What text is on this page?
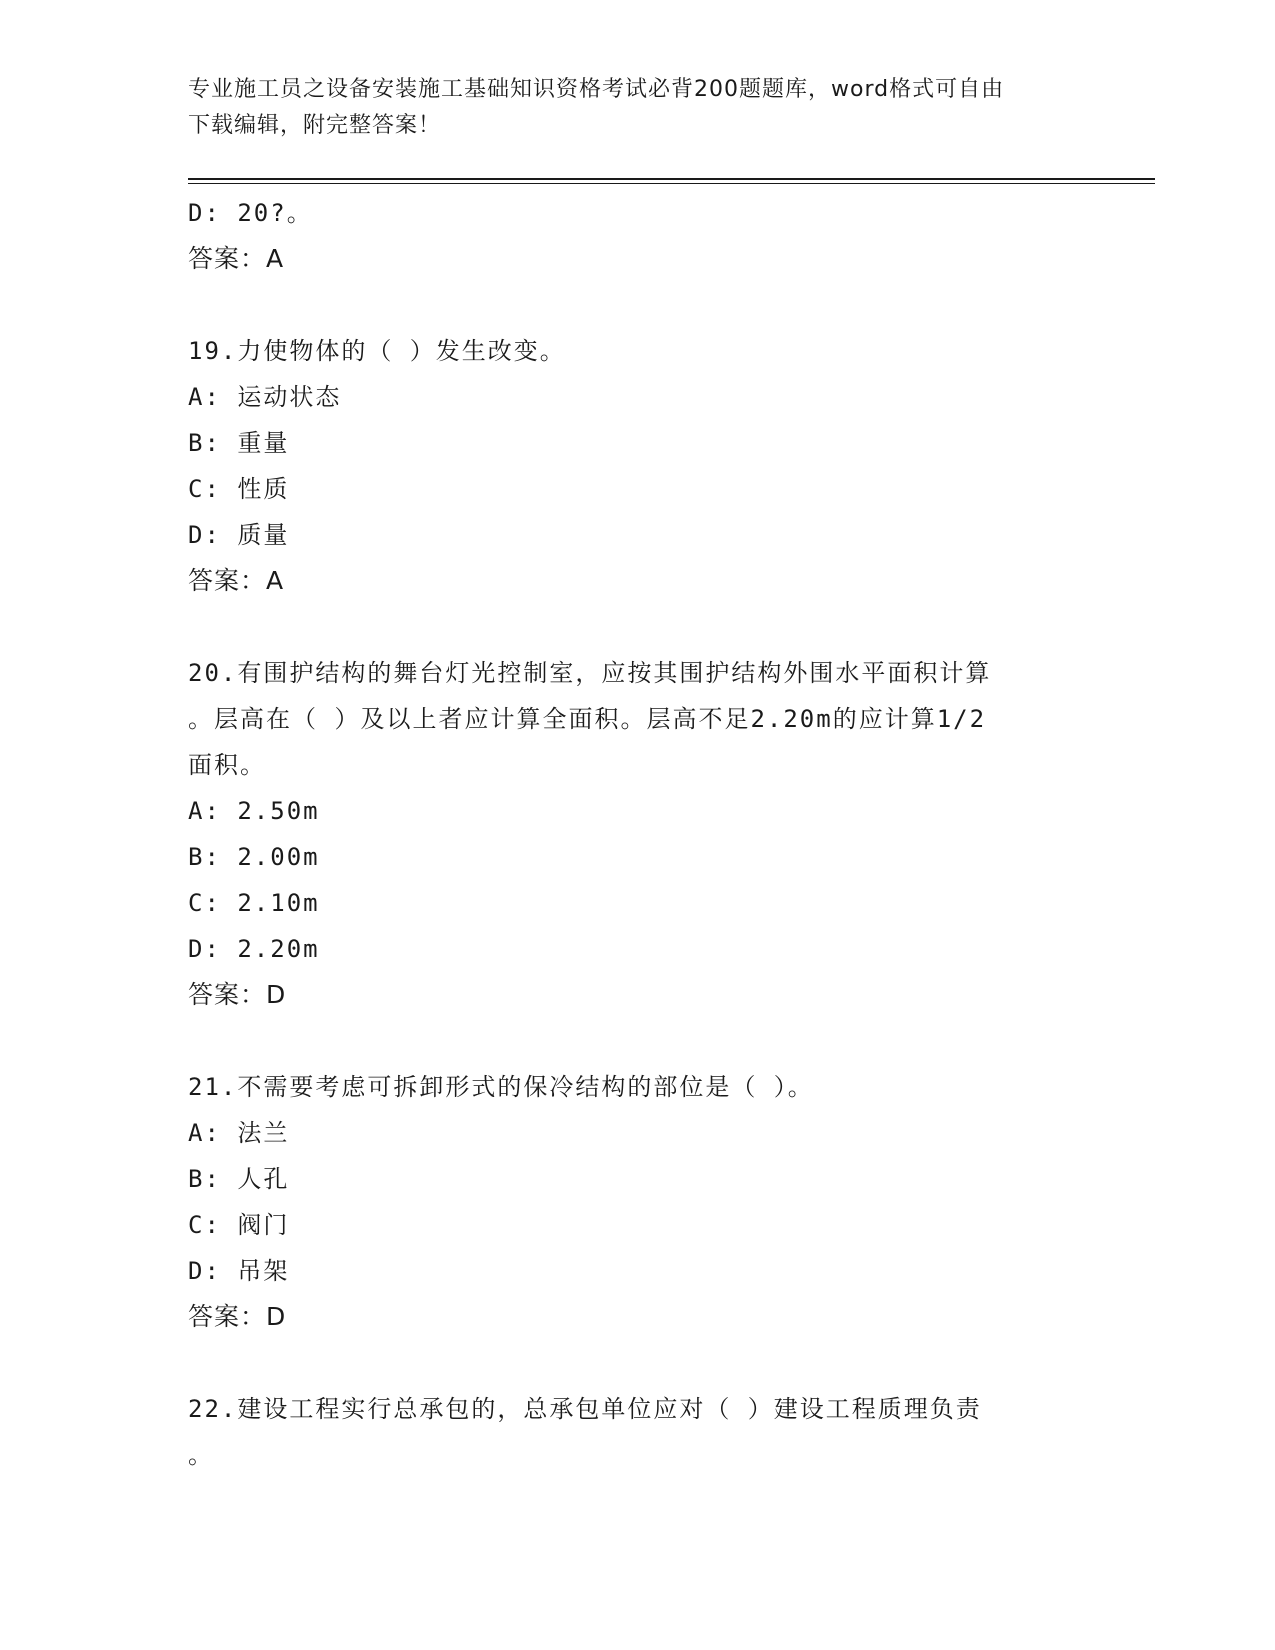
专业施工员之设备安装施工基础知识资格考试必背200题题库，word格式可自由
下载编辑，附完整答案！
D: 20?。
答案：A
19.力使物体的（ ）发生改变。
A: 运动状态
B: 重量
C: 性质
D: 质量
答案：A
20.有围护结构的舞台灯光控制室，应按其围护结构外围水平面积计算
。层高在（ ）及以上者应计算全面积。层高不足2.20m的应计算1/2
面积。
A: 2.50m
B: 2.00m
C: 2.10m
D: 2.20m
答案：D
21.不需要考虑可拆卸形式的保冷结构的部位是（ ）。
A: 法兰
B: 人孔
C: 阀门
D: 吊架
答案：D
22.建设工程实行总承包的，总承包单位应对（ ）建设工程质理负责
。
